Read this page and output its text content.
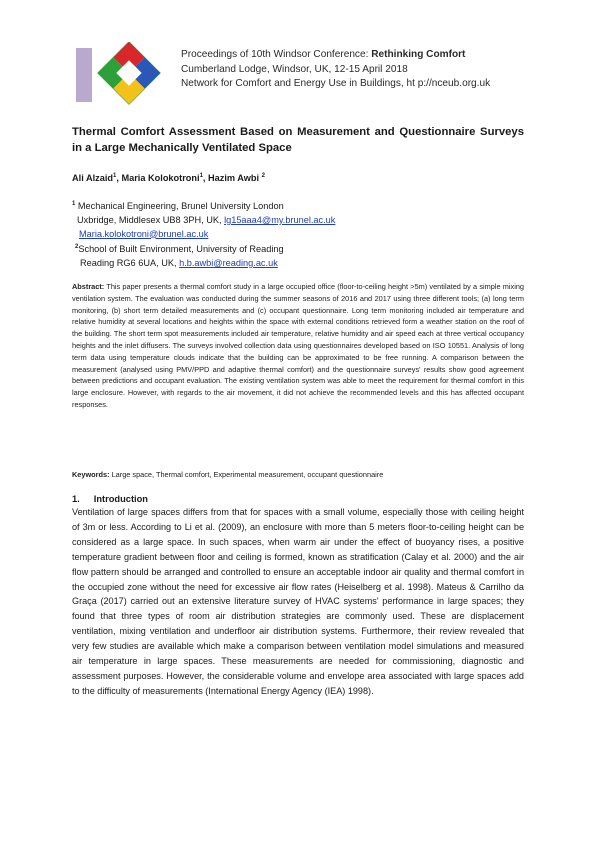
Proceedings of 10th Windsor Conference: Rethinking Comfort
Cumberland Lodge, Windsor, UK, 12-15 April 2018
Network for Comfort and Energy Use in Buildings, ht p://nceub.org.uk
Thermal Comfort Assessment Based on Measurement and Questionnaire Surveys in a Large Mechanically Ventilated Space
Ali Alzaid$^1$, Maria Kolokotroni$^1$, Hazim Awbi $^2$
$^1$ Mechanical Engineering, Brunel University London
Uxbridge, Middlesex UB8 3PH, UK, lg15aaa4@my.brunel.ac.uk
Maria.kolokotroni@brunel.ac.uk
$^2$School of Built Environment, University of Reading
Reading RG6 6UA, UK, h.b.awbi@reading.ac.uk
Abstract: This paper presents a thermal comfort study in a large occupied office (floor-to-ceiling height >5m) ventilated by a simple mixing ventilation system. The evaluation was conducted during the summer seasons of 2016 and 2017 using three different tools; (a) long term monitoring, (b) short term detailed measurements and (c) occupant questionnaire. Long term monitoring included air temperature and relative humidity at several locations and heights within the space with external conditions retrieved form a weather station on the roof of the building. The short term spot measurements included air temperature, relative humidity and air speed each at three vertical occupancy heights and the inlet diffusers. The surveys involved collection data using questionnaires developed based on ISO 10551. Analysis of long term data using temperature clouds indicate that the building can be approximated to be free running. A comparison between the measurement (analysed using PMV/PPD and adaptive thermal comfort) and the questionnaire surveys' results show good agreement between predictions and occupant evaluation. The existing ventilation system was able to meet the requirement for thermal comfort in this large enclosure. However, with regards to the air movement, it did not achieve the recommended levels and this has affected occupant responses.
Keywords: Large space, Thermal comfort, Experimental measurement, occupant questionnaire
1. Introduction
Ventilation of large spaces differs from that for spaces with a small volume, especially those with ceiling height of 3m or less. According to Li et al. (2009), an enclosure with more than 5 meters floor-to-ceiling height can be considered as a large space. In such spaces, when warm air under the effect of buoyancy rises, a positive temperature gradient between floor and ceiling is formed, known as stratification (Calay et al. 2000) and the air flow pattern should be arranged and controlled to ensure an acceptable indoor air quality and thermal comfort in the occupied zone without the need for excessive air flow rates (Heiselberg et al. 1998). Mateus & Carrilho da Graça (2017) carried out an extensive literature survey of HVAC systems' performance in large spaces; they found that three types of room air distribution strategies are commonly used. These are displacement ventilation, mixing ventilation and underfloor air distribution systems. Furthermore, their review revealed that very few studies are available which make a comparison between ventilation model simulations and measured air temperature in large spaces. These measurements are needed for commissioning, diagnostic and assessment purposes. However, the considerable volume and envelope area associated with large spaces add to the difficulty of measurements (International Energy Agency (IEA) 1998).
